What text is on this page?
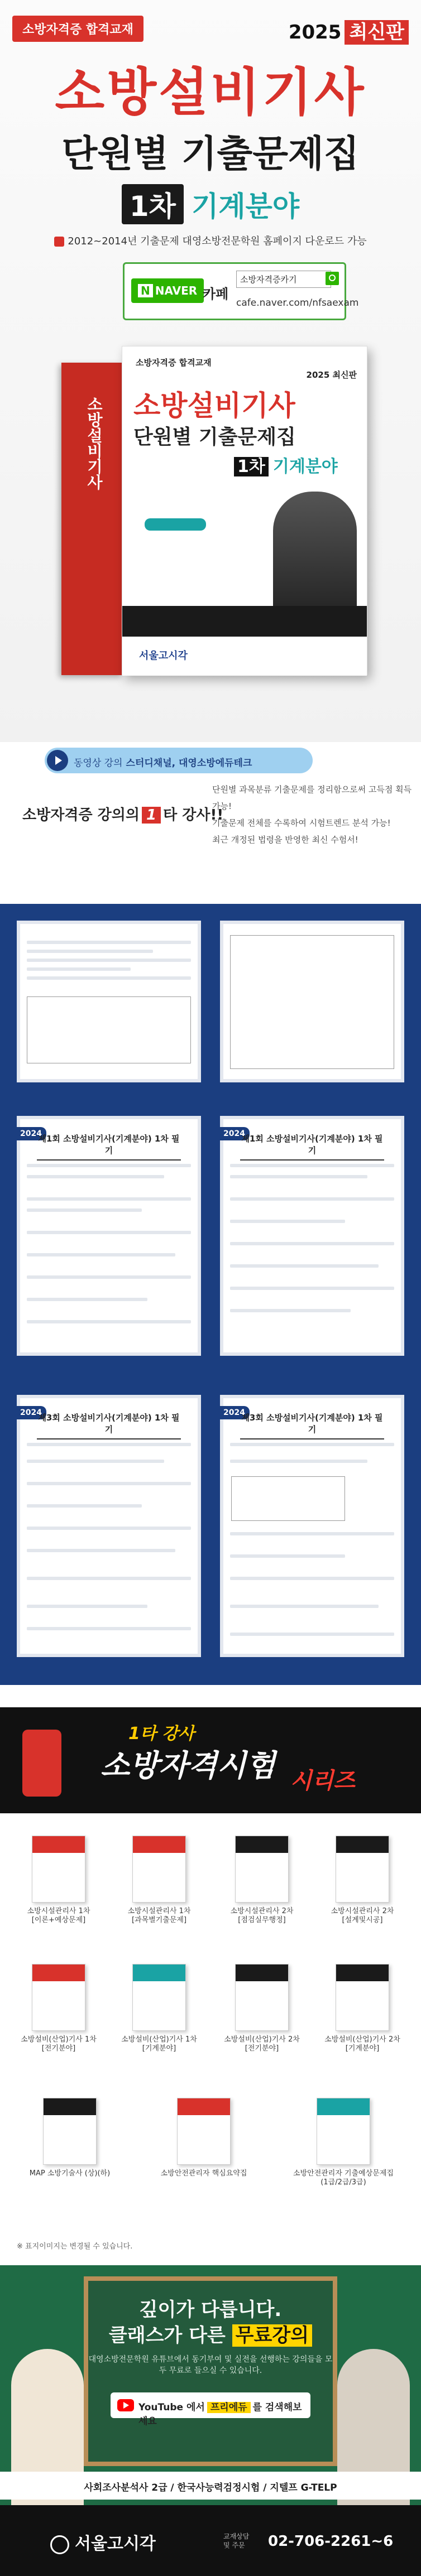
소방자격증 합격교재	2025 최신판
소방설비기사
단원별 기출문제집
1차 기계분야
2012~2014년 기출문제 대영소방전문학원 홈페이지 다운로드 가능
N NAVER 카페
소방자격증카기
cafe.naver.com/nfsaexam
소방설비기사
소방자격증 합격교재
2025 최신판
소방설비기사
단원별 기출문제집
1차 기계분야
서울고시각
동영상 강의 스터디채널, 대영소방에듀테크
소방자격증 강의의 1 타 강사!!
단원별 과목분류 기출문제를 정리함으로써 고득점 획득 가능!
기출문제 전체를 수록하여 시험트렌드 분석 가능!
최근 개정된 법령을 반영한 최신 수험서!
2024
제1회 소방설비기사(기계분야) 1차 필기
2024
제1회 소방설비기사(기계분야) 1차 필기
2024
제3회 소방설비기사(기계분야) 1차 필기
2024
제3회 소방설비기사(기계분야) 1차 필기
1타 강사
소방자격시험 시리즈
소방시설관리사 1차
[이론+예상문제]
소방시설관리사 1차
[과목별기출문제]
소방시설관리사 2차
[점검실무행정]
소방시설관리사 2차
[설계및시공]
소방설비(산업)기사 1차
[전기분야]
소방설비(산업)기사 1차
[기계분야]
소방설비(산업)기사 2차
[전기분야]
소방설비(산업)기사 2차
[기계분야]
MAP 소방기술사 (상)(하)	소방안전관리자 핵심요약집	소방안전관리자 기출예상문제집
(1급/2급/3급)
※ 표지이미지는 변경될 수 있습니다.
깊이가 다릅니다.
클래스가 다른 무료강의
대영소방전문학원 유튜브에서 동기부여 및 실전을 선행하는 강의들을 모두 무료로 들으실 수 있습니다.
YouTube 에서 프리에듀 를 검색해보세요
사회조사분석사 2급 / 한국사능력검정시험 / 지텔프 G-TELP
서울고시각	교재상담
및 주문 02-706-2261~6
